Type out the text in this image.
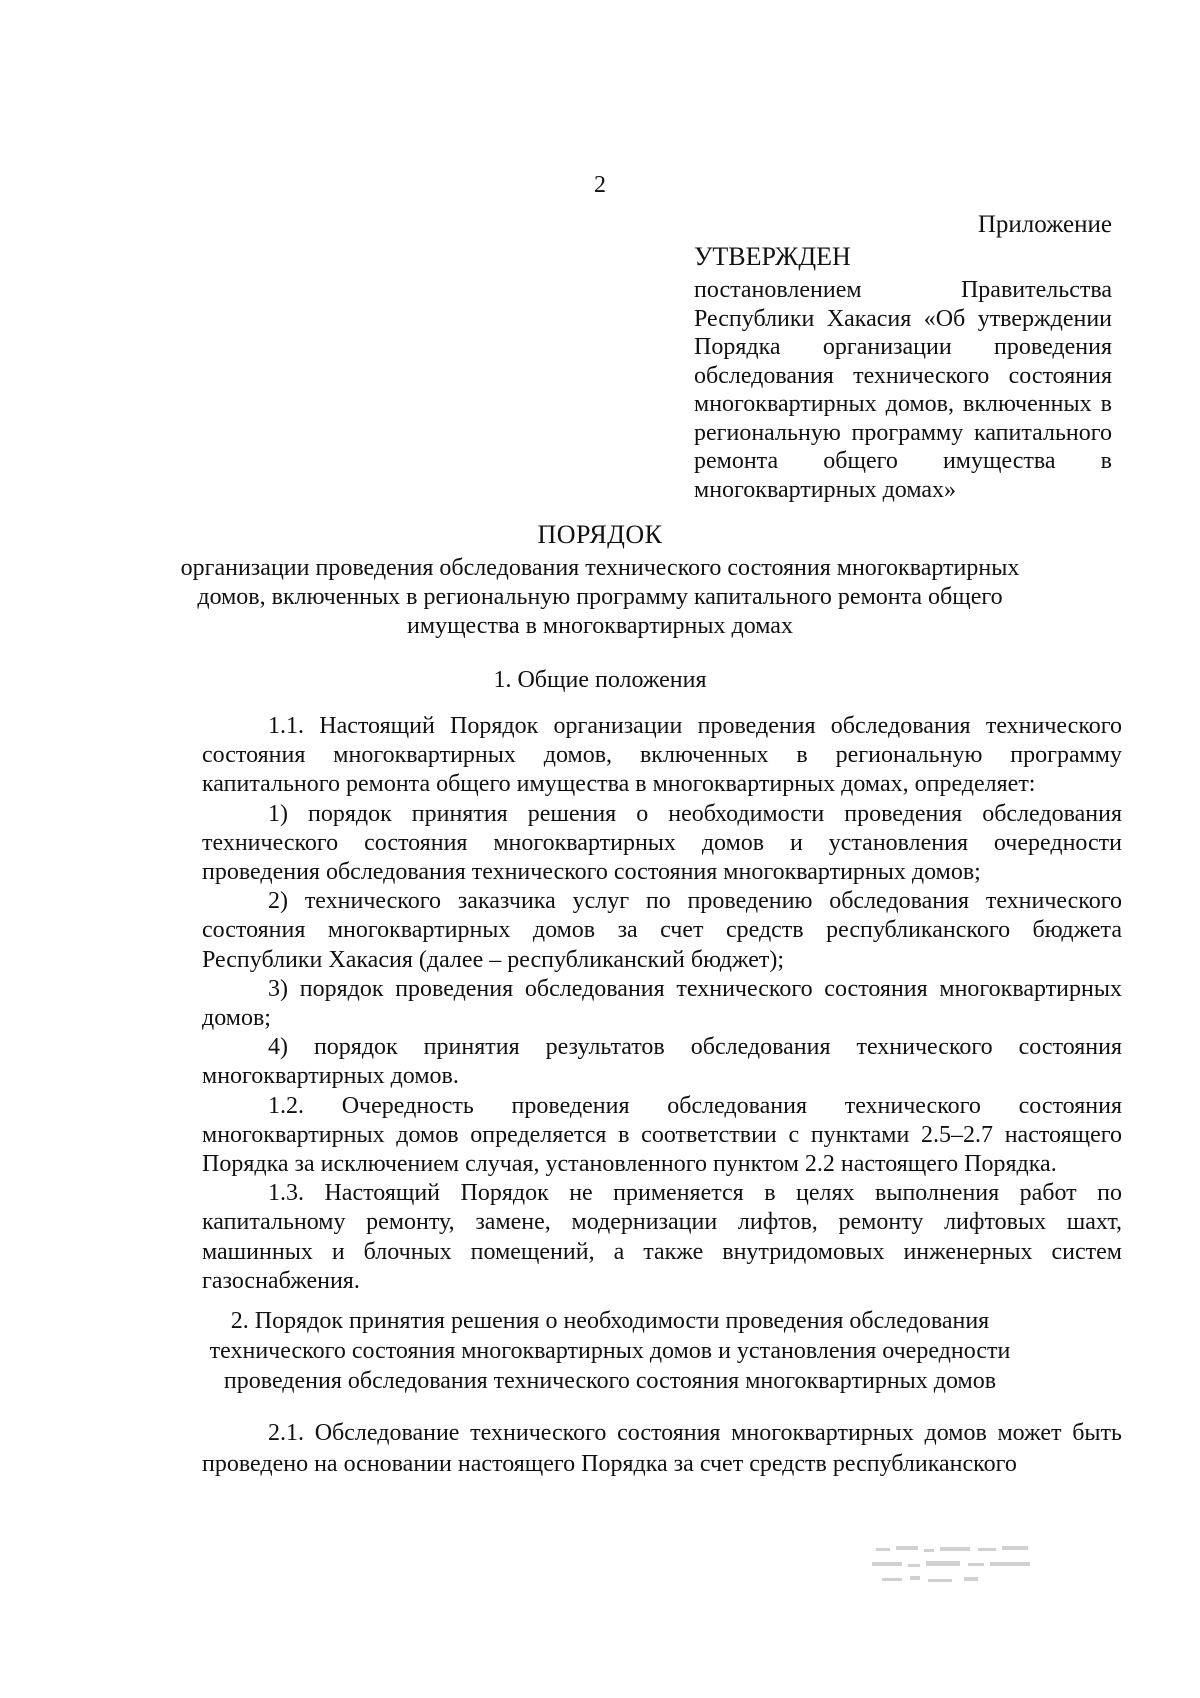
2
Приложение
УТВЕРЖДЕН

постановлением Правительства Республики Хакасия «Об утверждении Порядка организации проведения обследования технического состояния многоквартирных домов, включенных в региональную программу капитального ремонта общего имущества в многоквартирных домах»

ПОРЯДОК

организации проведения обследования технического состояния многоквартирных домов, включенных в региональную программу капитального ремонта общего имущества в многоквартирных домах

1. Общие положения

1.1. Настоящий Порядок организации проведения обследования технического состояния многоквартирных домов, включенных в региональную программу капитального ремонта общего имущества в многоквартирных домах, определяет:

1) порядок принятия решения о необходимости проведения обследования технического состояния многоквартирных домов и установления очередности проведения обследования технического состояния многоквартирных домов;

2) технического заказчика услуг по проведению обследования технического состояния многоквартирных домов за счет средств республиканского бюджета Республики Хакасия (далее – республиканский бюджет);

3) порядок проведения обследования технического состояния многоквартирных домов;

4) порядок принятия результатов обследования технического состояния многоквартирных домов.

1.2. Очередность проведения обследования технического состояния многоквартирных домов определяется в соответствии с пунктами 2.5–2.7 настоящего Порядка за исключением случая, установленного пунктом 2.2 настоящего Порядка.

1.3. Настоящий Порядок не применяется в целях выполнения работ по капитальному ремонту, замене, модернизации лифтов, ремонту лифтовых шахт, машинных и блочных помещений, а также внутридомовых инженерных систем газоснабжения.

2. Порядок принятия решения о необходимости проведения обследования технического состояния многоквартирных домов и установления очередности проведения обследования технического состояния многоквартирных домов

2.1. Обследование технического состояния многоквартирных домов может быть проведено на основании настоящего Порядка за счет средств республиканского
